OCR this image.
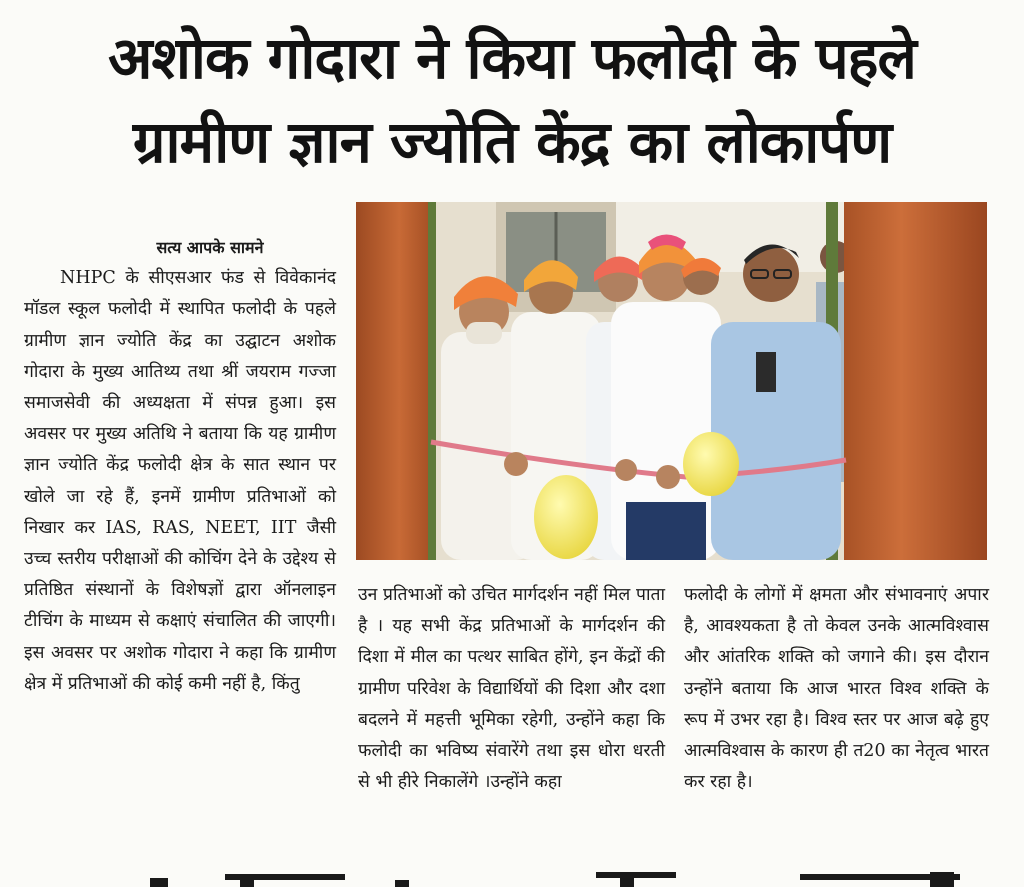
अशोक गोदारा ने किया फलोदी के पहले
ग्रामीण ज्ञान ज्योति केंद्र का लोकार्पण

सत्य आपके सामने

NHPC के सीएसआर फंड से विवेकानंद मॉडल स्कूल फलोदी में स्थापित फलोदी के पहले ग्रामीण ज्ञान ज्योति केंद्र का उद्घाटन अशोक गोदारा के मुख्य आतिथ्य तथा श्रीं जयराम गज्जा समाजसेवी की अध्यक्षता में संपन्न हुआ। इस अवसर पर मुख्य अतिथि ने बताया कि यह ग्रामीण ज्ञान ज्योति केंद्र फलोदी क्षेत्र के सात स्थान पर खोले जा रहे हैं, इनमें ग्रामीण प्रतिभाओं को निखार कर IAS, RAS, NEET, IIT जैसी उच्च स्तरीय परीक्षाओं की कोचिंग देने के उद्देश्य से प्रतिष्ठित संस्थानों के विशेषज्ञों द्वारा ऑनलाइन टीचिंग के माध्यम से कक्षाएं संचालित की जाएगी। इस अवसर पर अशोक गोदारा ने कहा कि ग्रामीण क्षेत्र में प्रतिभाओं की कोई कमी नहीं है, किंतु

उन प्रतिभाओं को उचित मार्गदर्शन नहीं मिल पाता है । यह सभी केंद्र प्रतिभाओं के मार्गदर्शन की दिशा में मील का पत्थर साबित होंगे, इन केंद्रों की ग्रामीण परिवेश के विद्यार्थियों की दिशा और दशा बदलने में महत्ती भूमिका रहेगी, उन्होंने कहा कि फलोदी का भविष्य संवारेंगे तथा इस धोरा धरती से भी हीरे निकालेंगे ।उन्होंने कहा

फलोदी के लोगों में क्षमता और संभावनाएं अपार है, आवश्यकता है तो केवल उनके आत्मविश्वास और आंतरिक शक्ति को जगाने की। इस दौरान उन्होंने बताया कि आज भारत विश्व शक्ति के रूप में उभर रहा है। विश्व स्तर पर आज बढ़े हुए आत्मविश्वास के कारण ही त20 का नेतृत्व भारत कर रहा है।
